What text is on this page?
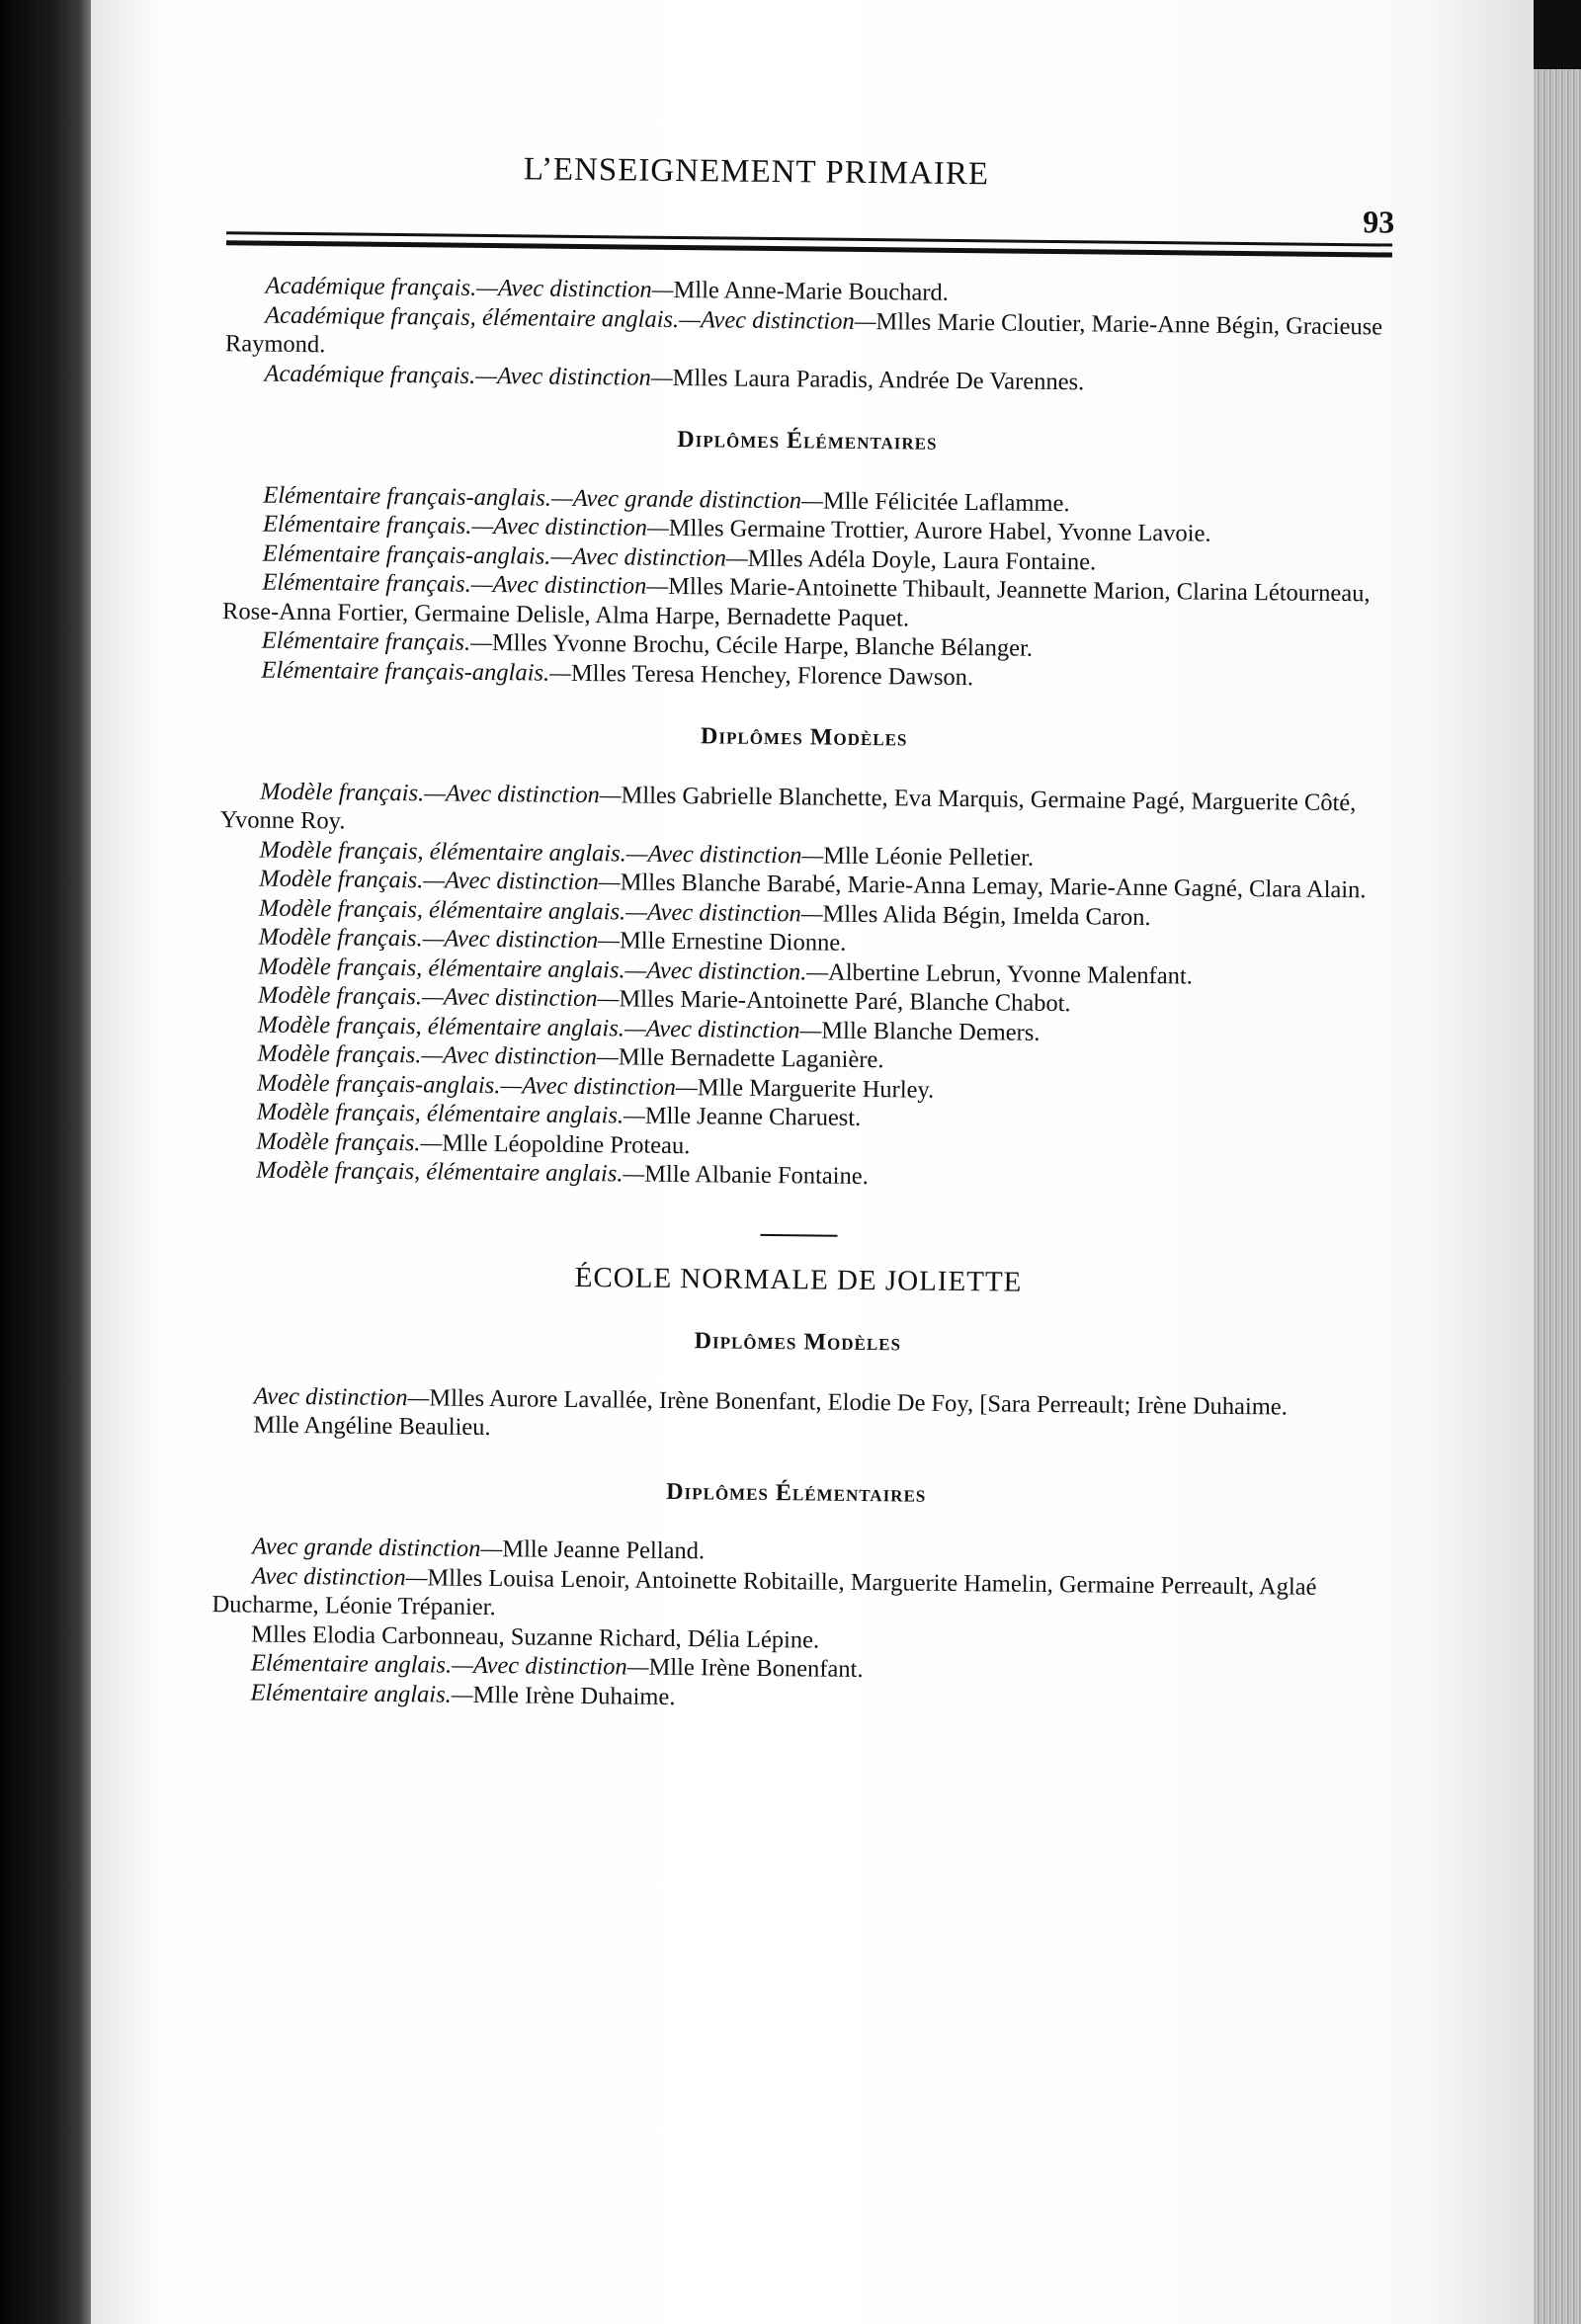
L’ENSEIGNEMENT PRIMAIRE
93

Académique français.—Avec distinction—Mlle Anne-Marie Bouchard.

Académique français, élémentaire anglais.—Avec distinction—Mlles Marie Cloutier, Marie-Anne Bégin, Gracieuse Raymond.

Académique français.—Avec distinction—Mlles Laura Paradis, Andrée De Varennes.

Diplômes Élémentaires

Elémentaire français-anglais.—Avec grande distinction—Mlle Félicitée Laflamme.

Elémentaire français.—Avec distinction—Mlles Germaine Trottier, Aurore Habel, Yvonne Lavoie.

Elémentaire français-anglais.—Avec distinction—Mlles Adéla Doyle, Laura Fontaine.

Elémentaire français.—Avec distinction—Mlles Marie-Antoinette Thibault, Jeannette Marion, Clarina Létourneau, Rose-Anna Fortier, Germaine Delisle, Alma Harpe, Bernadette Paquet.

Elémentaire français.—Mlles Yvonne Brochu, Cécile Harpe, Blanche Bélanger.

Elémentaire français-anglais.—Mlles Teresa Henchey, Florence Dawson.

Diplômes Modèles

Modèle français.—Avec distinction—Mlles Gabrielle Blanchette, Eva Marquis, Germaine Pagé, Marguerite Côté, Yvonne Roy.

Modèle français, élémentaire anglais.—Avec distinction—Mlle Léonie Pelletier.

Modèle français.—Avec distinction—Mlles Blanche Barabé, Marie-Anna Lemay, Marie-Anne Gagné, Clara Alain.

Modèle français, élémentaire anglais.—Avec distinction—Mlles Alida Bégin, Imelda Caron.

Modèle français.—Avec distinction—Mlle Ernestine Dionne.

Modèle français, élémentaire anglais.—Avec distinction.—Albertine Lebrun, Yvonne Malenfant.

Modèle français.—Avec distinction—Mlles Marie-Antoinette Paré, Blanche Chabot.

Modèle français, élémentaire anglais.—Avec distinction—Mlle Blanche Demers.

Modèle français.—Avec distinction—Mlle Bernadette Laganière.

Modèle français-anglais.—Avec distinction—Mlle Marguerite Hurley.

Modèle français, élémentaire anglais.—Mlle Jeanne Charuest.

Modèle français.—Mlle Léopoldine Proteau.

Modèle français, élémentaire anglais.—Mlle Albanie Fontaine.

ÉCOLE NORMALE DE JOLIETTE
Diplômes Modèles

Avec distinction—Mlles Aurore Lavallée, Irène Bonenfant, Elodie De Foy, [Sara Perreault; Irène Duhaime.

Mlle Angéline Beaulieu.

Diplômes Élémentaires

Avec grande distinction—Mlle Jeanne Pelland.

Avec distinction—Mlles Louisa Lenoir, Antoinette Robitaille, Marguerite Hamelin, Germaine Perreault, Aglaé Ducharme, Léonie Trépanier.

Mlles Elodia Carbonneau, Suzanne Richard, Délia Lépine.

Elémentaire anglais.—Avec distinction—Mlle Irène Bonenfant.

Elémentaire anglais.—Mlle Irène Duhaime.
